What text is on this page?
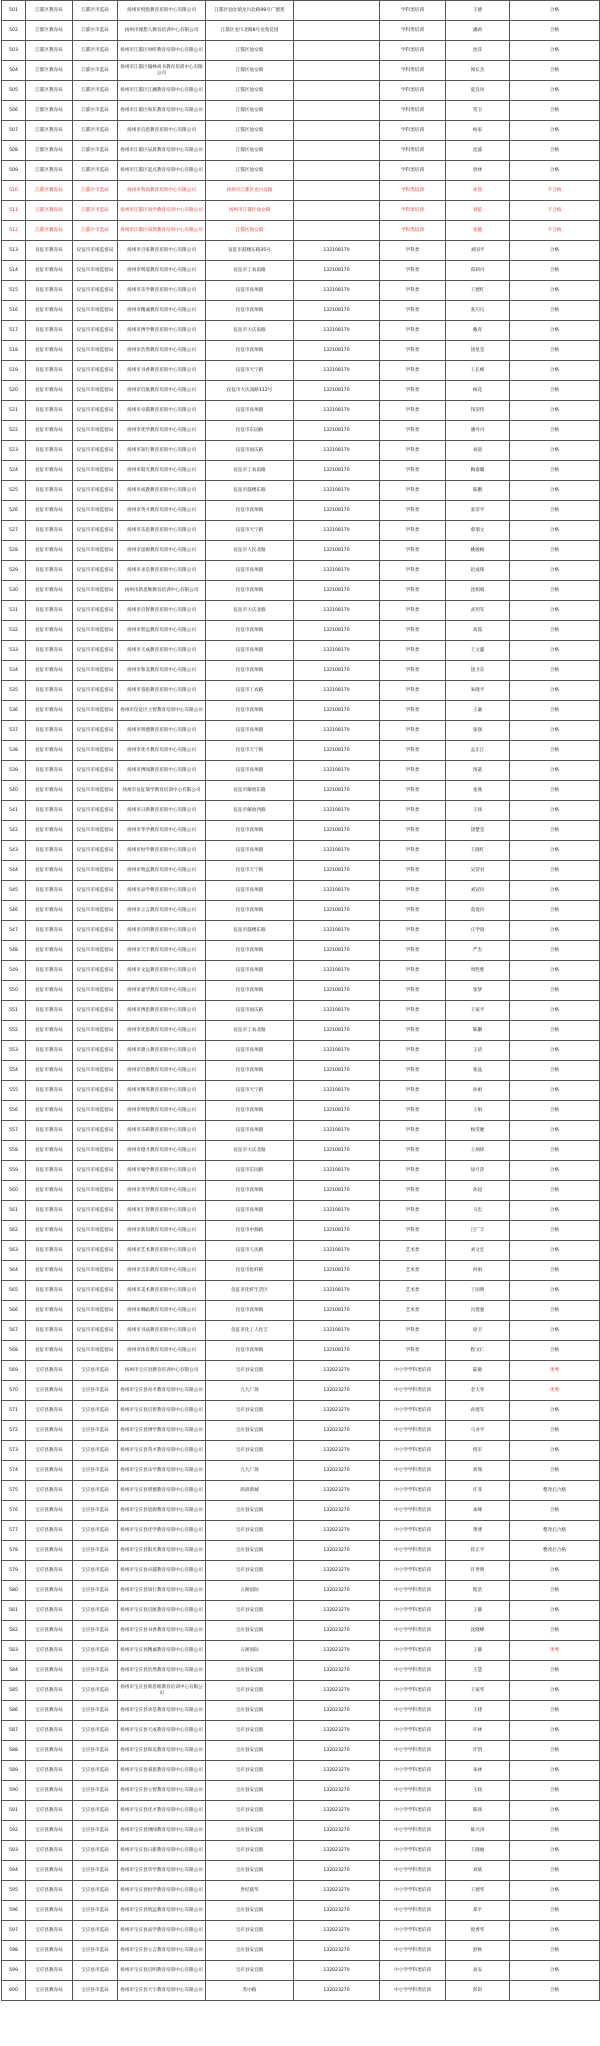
501	江都区教育局	江都区市监局	扬州市悦悦教育培训中心有限公司	江都区仙女镇龙川北路98号广德苑		学科类培训	王德	合格
502	江都区教育局	江都区市监局	扬州市理想人教育培训中心有限公司	江都区龙川北路8号龙苑花园		学科类培训	潘莉	合格
503	江都区教育局	江都区市监局	扬州市江都区时昕教育培训中心有限公司	江都区仙女镇		学科类培训	沈萍	合格
504	江都区教育局	江都区市监局	扬州市江都区翰林尚书教育培训中心有限公司	江都区仙女镇		学科类培训	闻长杰	合格
505	江都区教育局	江都区市监局	扬州市江都区江澜教育培训中心有限公司	江都区仙女镇		学科类培训	夏良风	合格
506	江都区教育局	江都区市监局	扬州市江都区和乐教育培训中心有限公司	江都区仙女镇		学科类培训	常卫	合格
507	江都区教育局	江都区市监局	扬州市启恩教育培训中心有限公司	江都区仙女镇		学科类培训	杨家	合格
508	江都区教育局	江都区市监局	扬州市江都区辰晨教育培训中心有限公司	江都区仙女镇		学科类培训	沈波	合格
509	江都区教育局	江都区市监局	扬州市江都区起点教育培训中心有限公司	江都区仙女镇		学科类培训	唐林	合格
510	江都区教育局	江都区市监局	扬州市智高教育培训中心有限公司	扬州市江都区龙川北路		学科类培训	孙笈	不合格
511	江都区教育局	江都区市监局	扬州市江都区尚学教育培训中心有限公司	扬州市江都区仙女镇		学科类培训	刘依	不合格
512	江都区教育局	江都区市监局	扬州市江都区昂然教育培训中心有限公司	江都区仙女镇		学科类培训	张健	不合格
513	仪征市教育局	仪征市市场监督局	扬州市百家教育培训中心有限公司	仪征市鼓楼东路35号	132108170	学科类	刘国平	合格
514	仪征市教育局	仪征市市场监督局	扬州市明道教育培训中心有限公司	仪征市工农南路	132108170	学科类	郑莉丹	合格
515	仪征市教育局	仪征市市场监督局	扬州市乐学教育培训中心有限公司	仪征市真州镇	132108170	学科类	王德红	合格
516	仪征市教育局	仪征市市场监督局	扬州市精诚教育培训中心有限公司	仪征市真州镇	132108170	学科类	张巧巧	合格
517	仪征市教育局	仪征市市场监督局	扬州市博学教育培训中心有限公司	仪征市大庆南路	132108170	学科类	戴青	合格
518	仪征市教育局	仪征市市场监督局	扬州市浩然教育培训中心有限公司	仪征市真州镇	132108170	学科类	饶星莹	合格
519	仪征市教育局	仪征市市场监督局	扬州市书香教育培训中心有限公司	仪征市天宁路	132108170	学科类	王长峰	合格
520	仪征市教育局	仪征市市场监督局	扬州市启航教育培训中心有限公司	仪征市大庆南路112号	132108170	学科类	杨花	合格
521	仪征市教育局	仪征市市场监督局	扬州市卓越教育培训中心有限公司	仪征市真州镇	132108170	学科类	钱荣伟	合格
522	仪征市教育局	仪征市市场监督局	扬州市优学教育培训中心有限公司	仪征市东园路	132108170	学科类	潘丹丹	合格
523	仪征市教育局	仪征市市场监督局	扬州市知行教育培训中心有限公司	仪征市国庆路	132108170	学科类	刘晨	合格
524	仪征市教育局	仪征市市场监督局	扬州市阳光教育培训中心有限公司	仪征市工农南路	132108170	学科类	陶嘉璐	合格
525	仪征市教育局	仪征市市场监督局	扬州市成教教育培训中心有限公司	仪征市鼓楼东路	132108170	学科类	陈鹏	合格
526	仪征市教育局	仪征市市场监督局	扬州市英才教育培训中心有限公司	仪征市真州镇	132108170	学科类	张荣平	合格
527	仪征市教育局	仪征市市场监督局	扬州市乐思教育培训中心有限公司	仪征市天宁路	132108170	学科类	蔡瑞文	合格
528	仪征市教育局	仪征市市场监督局	扬州市思源教育培训中心有限公司	仪征市人民北路	132108170	学科类	姚骏梅	合格
529	仪征市教育局	仪征市市场监督局	扬州市求是教育培训中心有限公司	仪征市真州镇	132108170	学科类	赵成珠	合格
530	仪征市教育局	仪征市市场监督局	扬州市新思维教育培训中心有限公司	仪征市真州镇	132108170	学科类	沈娟娟	合格
531	仪征市教育局	仪征市市场监督局	扬州市启智教育培训中心有限公司	仪征市大庆北路	132108170	学科类	武玥军	合格
532	仪征市教育局	仪征市市场监督局	扬州市智远教育培训中心有限公司	仪征市真州镇	132108170	学科类	高茹	合格
533	仪征市教育局	仪征市市场监督局	扬州市天成教育培训中心有限公司	仪征市真州镇	132108170	学科类	王文蕙	合格
534	仪征市教育局	仪征市市场监督局	扬州市和美教育培训中心有限公司	仪征市真州镇	132108170	学科类	饶卫东	合格
535	仪征市教育局	仪征市市场监督局	扬州市睿思教育培训中心有限公司	仪征市工农路	132108170	学科类	朱晓平	合格
536	仪征市教育局	仪征市市场监督局	扬州市仪征区立智教育培训中心有限公司	仪征市真州镇	132108170	学科类	王谦	合格
537	仪征市教育局	仪征市市场监督局	扬州市明德教育培训中心有限公司	仪征市真州镇	132108170	学科类	张强	合格
538	仪征市教育局	仪征市市场监督局	扬州市优才教育培训中心有限公司	仪征市天宁路	132108170	学科类	孟正江	合格
539	仪征市教育局	仪征市市场监督局	扬州市博闻教育培训中心有限公司	仪征市真州镇	132108170	学科类	汤菡	合格
540	仪征市教育局	仪征市市场监督局	扬州市仪征瑞学教育培训中心有限公司	仪征市解放东路	132108170	学科类	张燕	合格
541	仪征市教育局	仪征市市场监督局	扬州市日新教育培训中心有限公司	仪征市解放西路	132108170	学科类	王扬	合格
542	仪征市教育局	仪征市市场监督局	扬州市华学教育培训中心有限公司	仪征市真州镇	132108170	学科类	饶楚莹	合格
543	仪征市教育局	仪征市市场监督局	扬州市恒学教育培训中心有限公司	仪征市真州镇	132108170	学科类	王晓红	合格
544	仪征市教育局	仪征市市场监督局	扬州市致远教育培训中心有限公司	仪征市天宁路	132108170	学科类	吴菅君	合格
545	仪征市教育局	仪征市市场监督局	扬州市品学教育培训中心有限公司	仪征市真州镇	132108170	学科类	刘冠玲	合格
546	仪征市教育局	仪征市市场监督局	扬州市立言教育培训中心有限公司	仪征市真州镇	132108170	学科类	莫爱玲	合格
547	仪征市教育局	仪征市市场监督局	扬州市启明教育培训中心有限公司	仪征市鼓楼东路	132108170	学科类	庄学晨	合格
548	仪征市教育局	仪征市市场监督局	扬州市天宇教育培训中心有限公司	仪征市真州镇	132108170	学科类	严杰	合格
549	仪征市教育局	仪征市市场监督局	扬州市文远教育培训中心有限公司	仪征市真州镇	132108170	学科类	周胜胜	合格
550	仪征市教育局	仪征市市场监督局	扬州市嘉学教育培训中心有限公司	仪征市真州镇	132108170	学科类	张梦	合格
551	仪征市教育局	仪征市市场监督局	扬州市博思教育培训中心有限公司	仪征市国庆路	132108170	学科类	王家平	合格
552	仪征市教育局	仪征市市场监督局	扬州市优思教育培训中心有限公司	仪征市工农北路	132108170	学科类	陈鹏	合格
553	仪征市教育局	仪征市市场监督局	扬州市鼎立教育培训中心有限公司	仪征市真州镇	132108170	学科类	王清	合格
554	仪征市教育局	仪征市市场监督局	扬州市启德教育培训中心有限公司	仪征市真州镇	132108170	学科类	张晶	合格
555	仪征市教育局	仪征市市场监督局	扬州市精英教育培训中心有限公司	仪征市天宁路	132108170	学科类	孙娟	合格
556	仪征市教育局	仪征市市场监督局	扬州市明智教育培训中心有限公司	仪征市真州镇	132108170	学科类	王娟	合格
557	仪征市教育局	仪征市市场监督局	扬州市乐研教育培训中心有限公司	仪征市真州镇	132108170	学科类	杨雯婕	合格
558	仪征市教育局	仪征市市场监督局	扬州市德才教育培训中心有限公司	仪征市大庆北路	132108170	学科类	王炳炜	合格
559	仪征市教育局	仪征市市场监督局	扬州市翰学教育培训中心有限公司	仪征市东园路	132108170	学科类	徐月萍	合格
560	仪征市教育局	仪征市市场监督局	扬州市善学教育培训中心有限公司	仪征市真州镇	132108170	学科类	孙超	合格
561	仪征市教育局	仪征市市场监督局	扬州市汇智教育培训中心有限公司	仪征市真州镇	132108170	学科类	马忠	合格
562	仪征市教育局	仪征市市场监督局	扬州市新知教育培训中心有限公司	仪征市中源路	132108170	学科类	吕广丰	合格
563	仪征市教育局	仪征市市场监督局	扬州市艺术教育培训中心有限公司	仪征市人民路	132108170	艺术类	刘文宏	合格
564	仪征市教育局	仪征市市场监督局	扬州市音乐教育培训中心有限公司	仪征市化纤路	132108170	艺术类	何娟	合格
565	仪征市教育局	仪征市市场监督局	扬州市美术教育培训中心有限公司	仪征市化纤生活区	132108170	艺术类	丁雨明	合格
566	仪征市教育局	仪征市市场监督局	扬州市舞蹈教育培训中心有限公司	仪征市真州镇	132108170	艺术类	冯建强	合格
567	仪征市教育局	仪征市市场监督局	扬州市书法教育培训中心有限公司	仪征市化工人化吉	132108170	学科类	徐卫	合格
568	仪征市教育局	仪征市市场监督局	扬州市体育教育培训中心有限公司	仪征市真州镇	132108170	学科类	程文仁	合格
569	宝应县教育局	宝应县市监局	扬州市宝应县教育培训中心有限公司	宝应县安宜镇	132023270	中小学学科类培训	陆敏	优秀
570	宝应县教育局	宝应县市监局	扬州市宝应县育才教育培训中心有限公司	九九广场	132023270	中小学学科类培训	金大华	优秀
571	宝应县教育局	宝应县市监局	扬州市宝应县启智教育培训中心有限公司	宝应县安宜镇	132023270	中小学学科类培训	孙建军	合格
572	宝应县教育局	宝应县市监局	扬州市宝应县博学教育培训中心有限公司	宝应县安宜镇	132023270	中小学学科类培训	马业平	合格
573	宝应县教育局	宝应县市监局	扬州市宝应县英才教育培训中心有限公司	宝应县安宜镇	132023270	中小学学科类培训	倪军	合格
574	宝应县教育局	宝应县市监局	扬州市宝应县乐学教育培训中心有限公司	九九广场	132023270	中小学学科类培训	蒋瑞	合格
575	宝应县教育局	宝应县市监局	扬州市宝应县明德教育培训中心有限公司	鸿晨新城	132023270	中小学学科类培训	许菲	整改后合格
576	宝应县教育局	宝应县市监局	扬州市宝应县思源教育培训中心有限公司	宝应县安宜镇	132023270	中小学学科类培训	朱峰	合格
577	宝应县教育局	宝应县市监局	扬州市宝应县优学教育培训中心有限公司	宝应县安宜镇	132023270	中小学学科类培训	黄博	整改后合格
578	宝应县教育局	宝应县市监局	扬州市宝应县阳光教育培训中心有限公司	宝应县安宜镇	132023270	中小学学科类培训	崔正平	整改后合格
579	宝应县教育局	宝应县市监局	扬州市宝应县卓越教育培训中心有限公司	宝应县安宜镇	132023270	中小学学科类培训	许世明	合格
580	宝应县教育局	宝应县市监局	扬州市宝应县知行教育培训中心有限公司	五洲国际	132023270	中小学学科类培训	程浩	合格
581	宝应县教育局	宝应县市监局	扬州市宝应县启航教育培训中心有限公司	宝应县安宜镇	132023270	中小学学科类培训	王静	合格
582	宝应县教育局	宝应县市监局	扬州市宝应县书香教育培训中心有限公司	宝应县安宜镇	132023270	中小学学科类培训	沈晓峰	合格
583	宝应县教育局	宝应县市监局	扬州市宝应县精诚教育培训中心有限公司	五洲国际	132023270	中小学学科类培训	王静	优秀
584	宝应县教育局	宝应县市监局	扬州市宝应县浩然教育培训中心有限公司	宝应县安宜镇	132023270	中小学学科类培训	王慧	合格
585	宝应县教育局	宝应县市监局	扬州市宝应县新思维教育培训中心有限公司	宝应县安宜镇	132023270	中小学学科类培训	王家华	合格
586	宝应县教育局	宝应县市监局	扬州市宝应县求是教育培训中心有限公司	宝应县安宜镇	132023270	中小学学科类培训	王建	合格
587	宝应县教育局	宝应县市监局	扬州市宝应县天成教育培训中心有限公司	宝应县安宜镇	132023270	中小学学科类培训	许林	合格
588	宝应县教育局	宝应县市监局	扬州市宝应县和美教育培训中心有限公司	宝应县安宜镇	132023270	中小学学科类培训	许凯	合格
589	宝应县教育局	宝应县市监局	扬州市宝应县睿思教育培训中心有限公司	宝应县安宜镇	132023270	中小学学科类培训	朱林	合格
590	宝应县教育局	宝应县市监局	扬州市宝应县立智教育培训中心有限公司	宝应县安宜镇	132023270	中小学学科类培训	王政	合格
591	宝应县教育局	宝应县市监局	扬州市宝应县优才教育培训中心有限公司	宝应县安宜镇	132023270	中小学学科类培训	陈扬	合格
592	宝应县教育局	宝应县市监局	扬州市宝应县博闻教育培训中心有限公司	宝应县安宜镇	132023270	中小学学科类培训	陈兴涛	合格
593	宝应县教育局	宝应县市监局	扬州市宝应县日新教育培训中心有限公司	宝应县安宜镇	132023270	中小学学科类培训	王晓丽	合格
594	宝应县教育局	宝应县市监局	扬州市宝应县华学教育培训中心有限公司	宝应县安宜镇	132023270	中小学学科类培训	刘斌	合格
595	宝应县教育局	宝应县市监局	扬州市宝应县恒学教育培训中心有限公司	世纪联华	132023270	中小学学科类培训	王德华	合格
596	宝应县教育局	宝应县市监局	扬州市宝应县致远教育培训中心有限公司	宝应县安宜镇	132023270	中小学学科类培训	郑平	合格
597	宝应县教育局	宝应县市监局	扬州市宝应县品学教育培训中心有限公司	宝应县安宜镇	132023270	中小学学科类培训	倪香华	合格
598	宝应县教育局	宝应县市监局	扬州市宝应县立言教育培训中心有限公司	宝应县安宜镇	132023270	中小学学科类培训	舒秋	合格
599	宝应县教育局	宝应县市监局	扬州市宝应县启明教育培训中心有限公司	宝应县安宜镇	132023270	中小学学科类培训	高安	合格
600	宝应县教育局	宝应县市监局	扬州市宝应县天宇教育培训中心有限公司	苏中路	132023270	中小学学科类培训	彭彩	合格
